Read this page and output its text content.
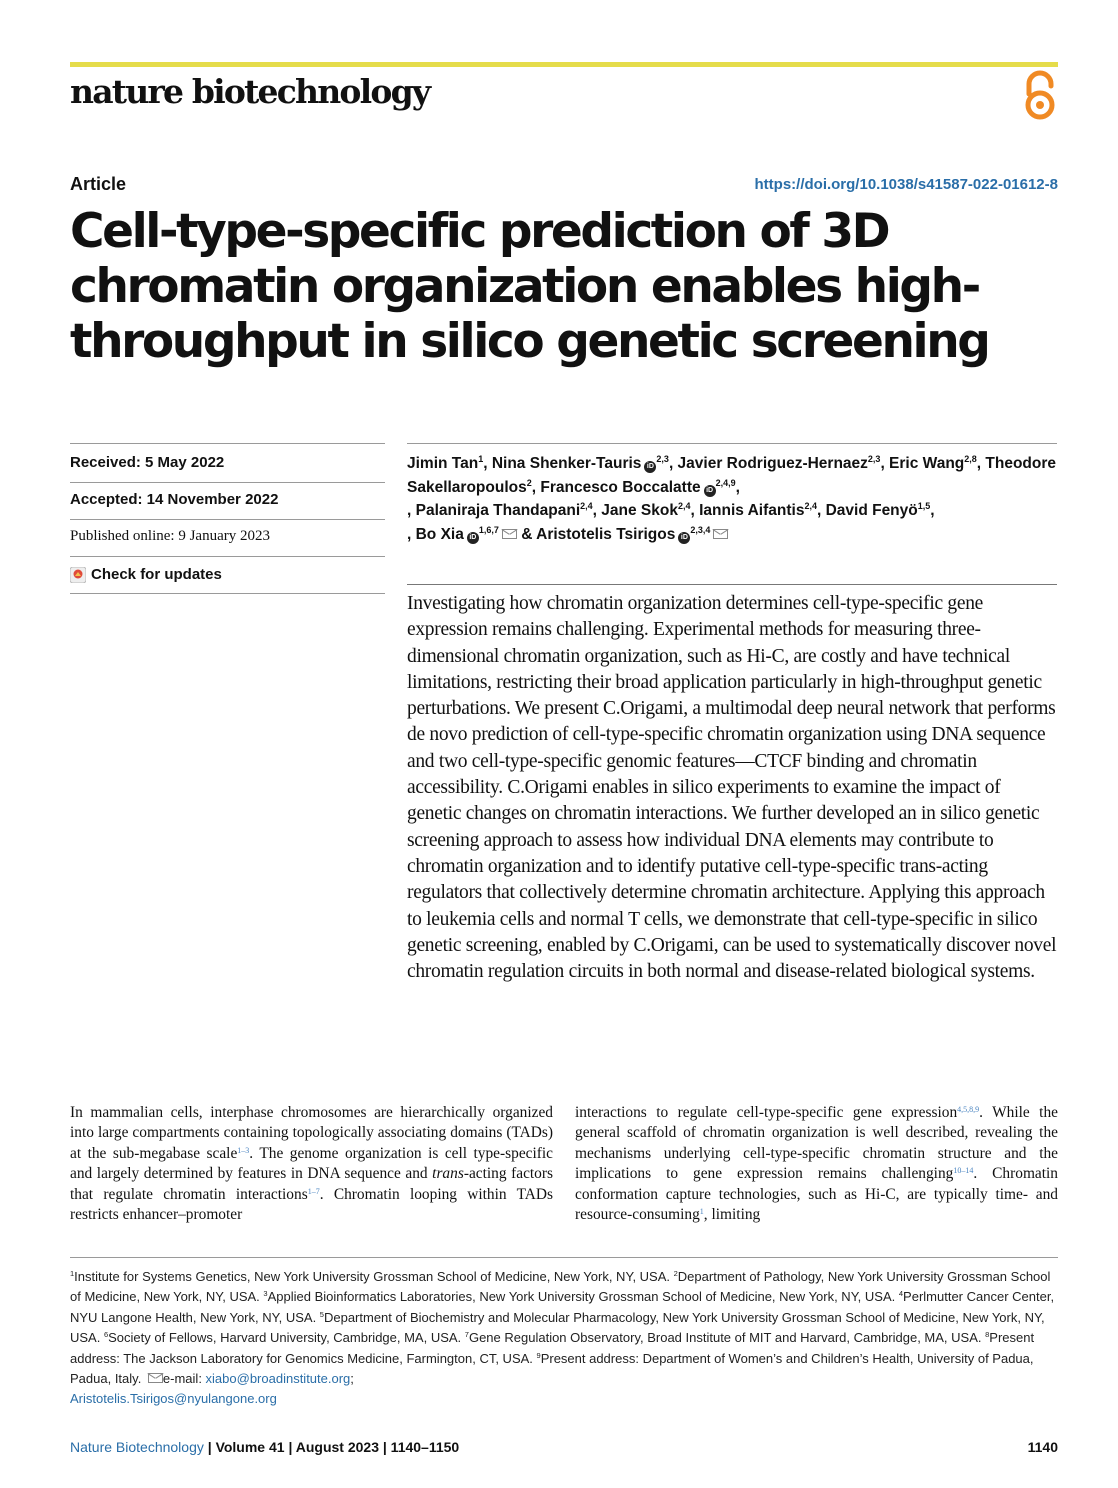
nature biotechnology
Article	https://doi.org/10.1038/s41587-022-01612-8
Cell-type-specific prediction of 3D chromatin organization enables high-throughput in silico genetic screening
Received: 5 May 2022
Accepted: 14 November 2022
Published online: 9 January 2023
Check for updates

Jimin Tan$^1$, Nina Shenker-Tauris iD$^{2,3}$, Javier Rodriguez-Hernaez$^{2,3}$, Eric Wang$^{2,8}$, Theodore Sakellaropoulos$^2$, Francesco Boccalatte iD$^{2,4,9}$,
, Palaniraja Thandapani$^{2,4}$, Jane Skok$^{2,4}$, Iannis Aifantis$^{2,4}$, David Fenyö$^{1,5}$,
, Bo Xia iD$^{1,6,7}$ & Aristotelis Tsirigos iD$^{2,3,4}$

Investigating how chromatin organization determines cell-type-specific gene expression remains challenging. Experimental methods for measuring three-dimensional chromatin organization, such as Hi-C, are costly and have technical limitations, restricting their broad application particularly in high-throughput genetic perturbations. We present C.Origami, a multimodal deep neural network that performs de novo prediction of cell-type-specific chromatin organization using DNA sequence and two cell-type-specific genomic features—CTCF binding and chromatin accessibility. C.Origami enables in silico experiments to examine the impact of genetic changes on chromatin interactions. We further developed an in silico genetic screening approach to assess how individual DNA elements may contribute to chromatin organization and to identify putative cell-type-specific trans-acting regulators that collectively determine chromatin architecture. Applying this approach to leukemia cells and normal T cells, we demonstrate that cell-type-specific in silico genetic screening, enabled by C.Origami, can be used to systematically discover novel chromatin regulation circuits in both normal and disease-related biological systems.

In mammalian cells, interphase chromosomes are hierarchically organized into large compartments containing topologically associating domains (TADs) at the sub-megabase scale$^{1-3}$. The genome organization is cell type-specific and largely determined by features in DNA sequence and trans-acting factors that regulate chromatin interactions$^{1-7}$. Chromatin looping within TADs restricts enhancer–promoter

interactions to regulate cell-type-specific gene expression$^{4,5,8,9}$. While the general scaffold of chromatin organization is well described, revealing the mechanisms underlying cell-type-specific chromatin structure and the implications to gene expression remains challenging$^{10-14}$. Chromatin conformation capture technologies, such as Hi-C, are typically time- and resource-consuming$^1$, limiting

$^1$Institute for Systems Genetics, New York University Grossman School of Medicine, New York, NY, USA. $^2$Department of Pathology, New York University Grossman School of Medicine, New York, NY, USA. $^3$Applied Bioinformatics Laboratories, New York University Grossman School of Medicine, New York, NY, USA. $^4$Perlmutter Cancer Center, NYU Langone Health, New York, NY, USA. $^5$Department of Biochemistry and Molecular Pharmacology, New York University Grossman School of Medicine, New York, NY, USA. $^6$Society of Fellows, Harvard University, Cambridge, MA, USA. $^7$Gene Regulation Observatory, Broad Institute of MIT and Harvard, Cambridge, MA, USA. $^8$Present address: The Jackson Laboratory for Genomics Medicine, Farmington, CT, USA. $^9$Present address: Department of Women’s and Children’s Health, University of Padua, Padua, Italy. e-mail: xiabo@broadinstitute.org;
Aristotelis.Tsirigos@nyulangone.org

Nature Biotechnology | Volume 41 | August 2023 | 1140–1150	1140
